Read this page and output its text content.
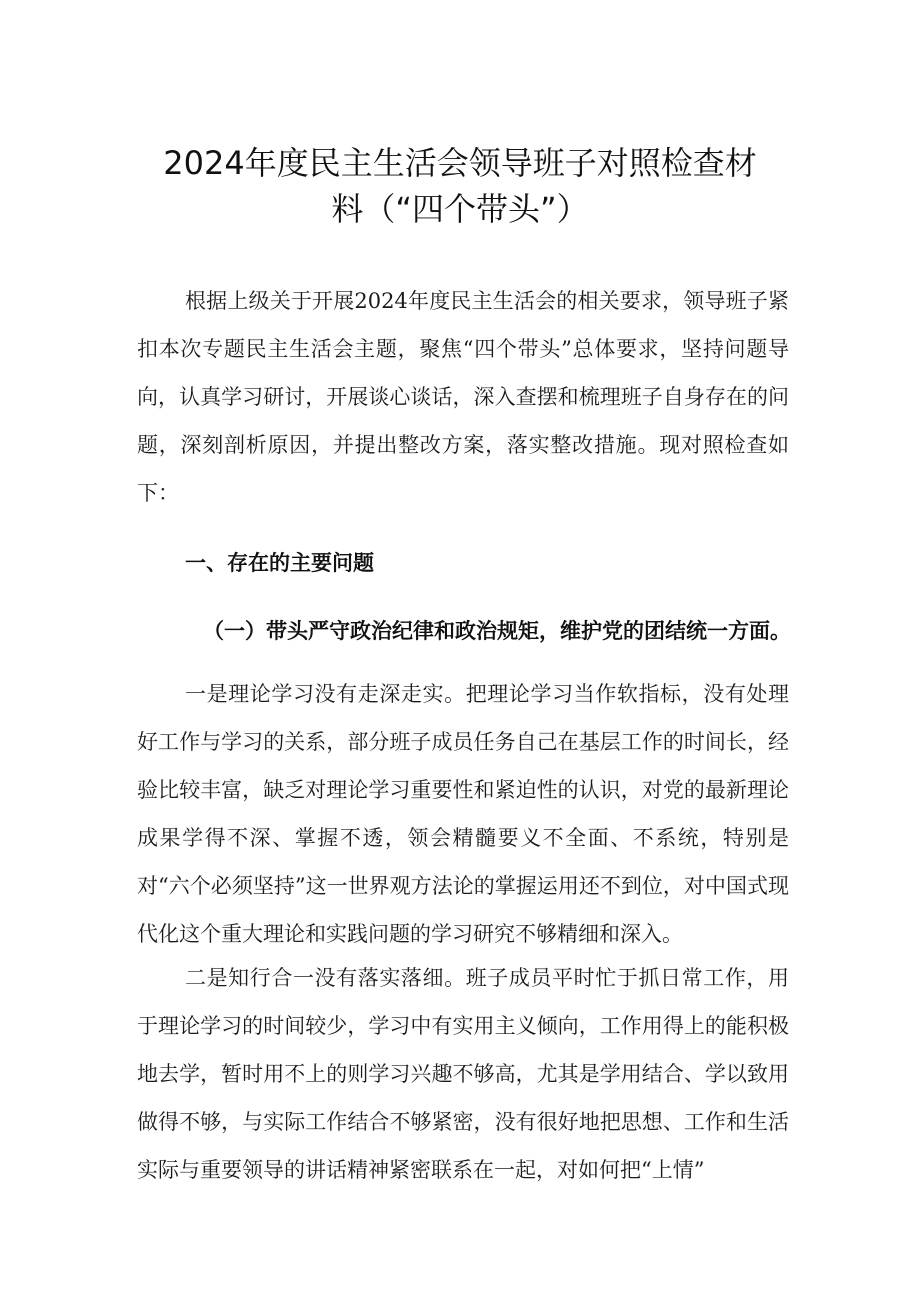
2024年度民主生活会领导班子对照检查材
料（“四个带头”）

根据上级关于开展2024年度民主生活会的相关要求，领导班子紧扣本次专题民主生活会主题，聚焦“四个带头”总体要求，坚持问题导向，认真学习研讨，开展谈心谈话，深入查摆和梳理班子自身存在的问题，深刻剖析原因，并提出整改方案，落实整改措施。现对照检查如下：

一、存在的主要问题

（一）带头严守政治纪律和政治规矩，维护党的团结统一方面。

一是理论学习没有走深走实。把理论学习当作软指标，没有处理好工作与学习的关系，部分班子成员任务自己在基层工作的时间长，经验比较丰富，缺乏对理论学习重要性和紧迫性的认识，对党的最新理论成果学得不深、掌握不透，领会精髓要义不全面、不系统，特别是对“六个必须坚持”这一世界观方法论的掌握运用还不到位，对中国式现代化这个重大理论和实践问题的学习研究不够精细和深入。

二是知行合一没有落实落细。班子成员平时忙于抓日常工作，用于理论学习的时间较少，学习中有实用主义倾向，工作用得上的能积极地去学，暂时用不上的则学习兴趣不够高，尤其是学用结合、学以致用做得不够，与实际工作结合不够紧密，没有很好地把思想、工作和生活实际与重要领导的讲话精神紧密联系在一起，对如何把“上情”
